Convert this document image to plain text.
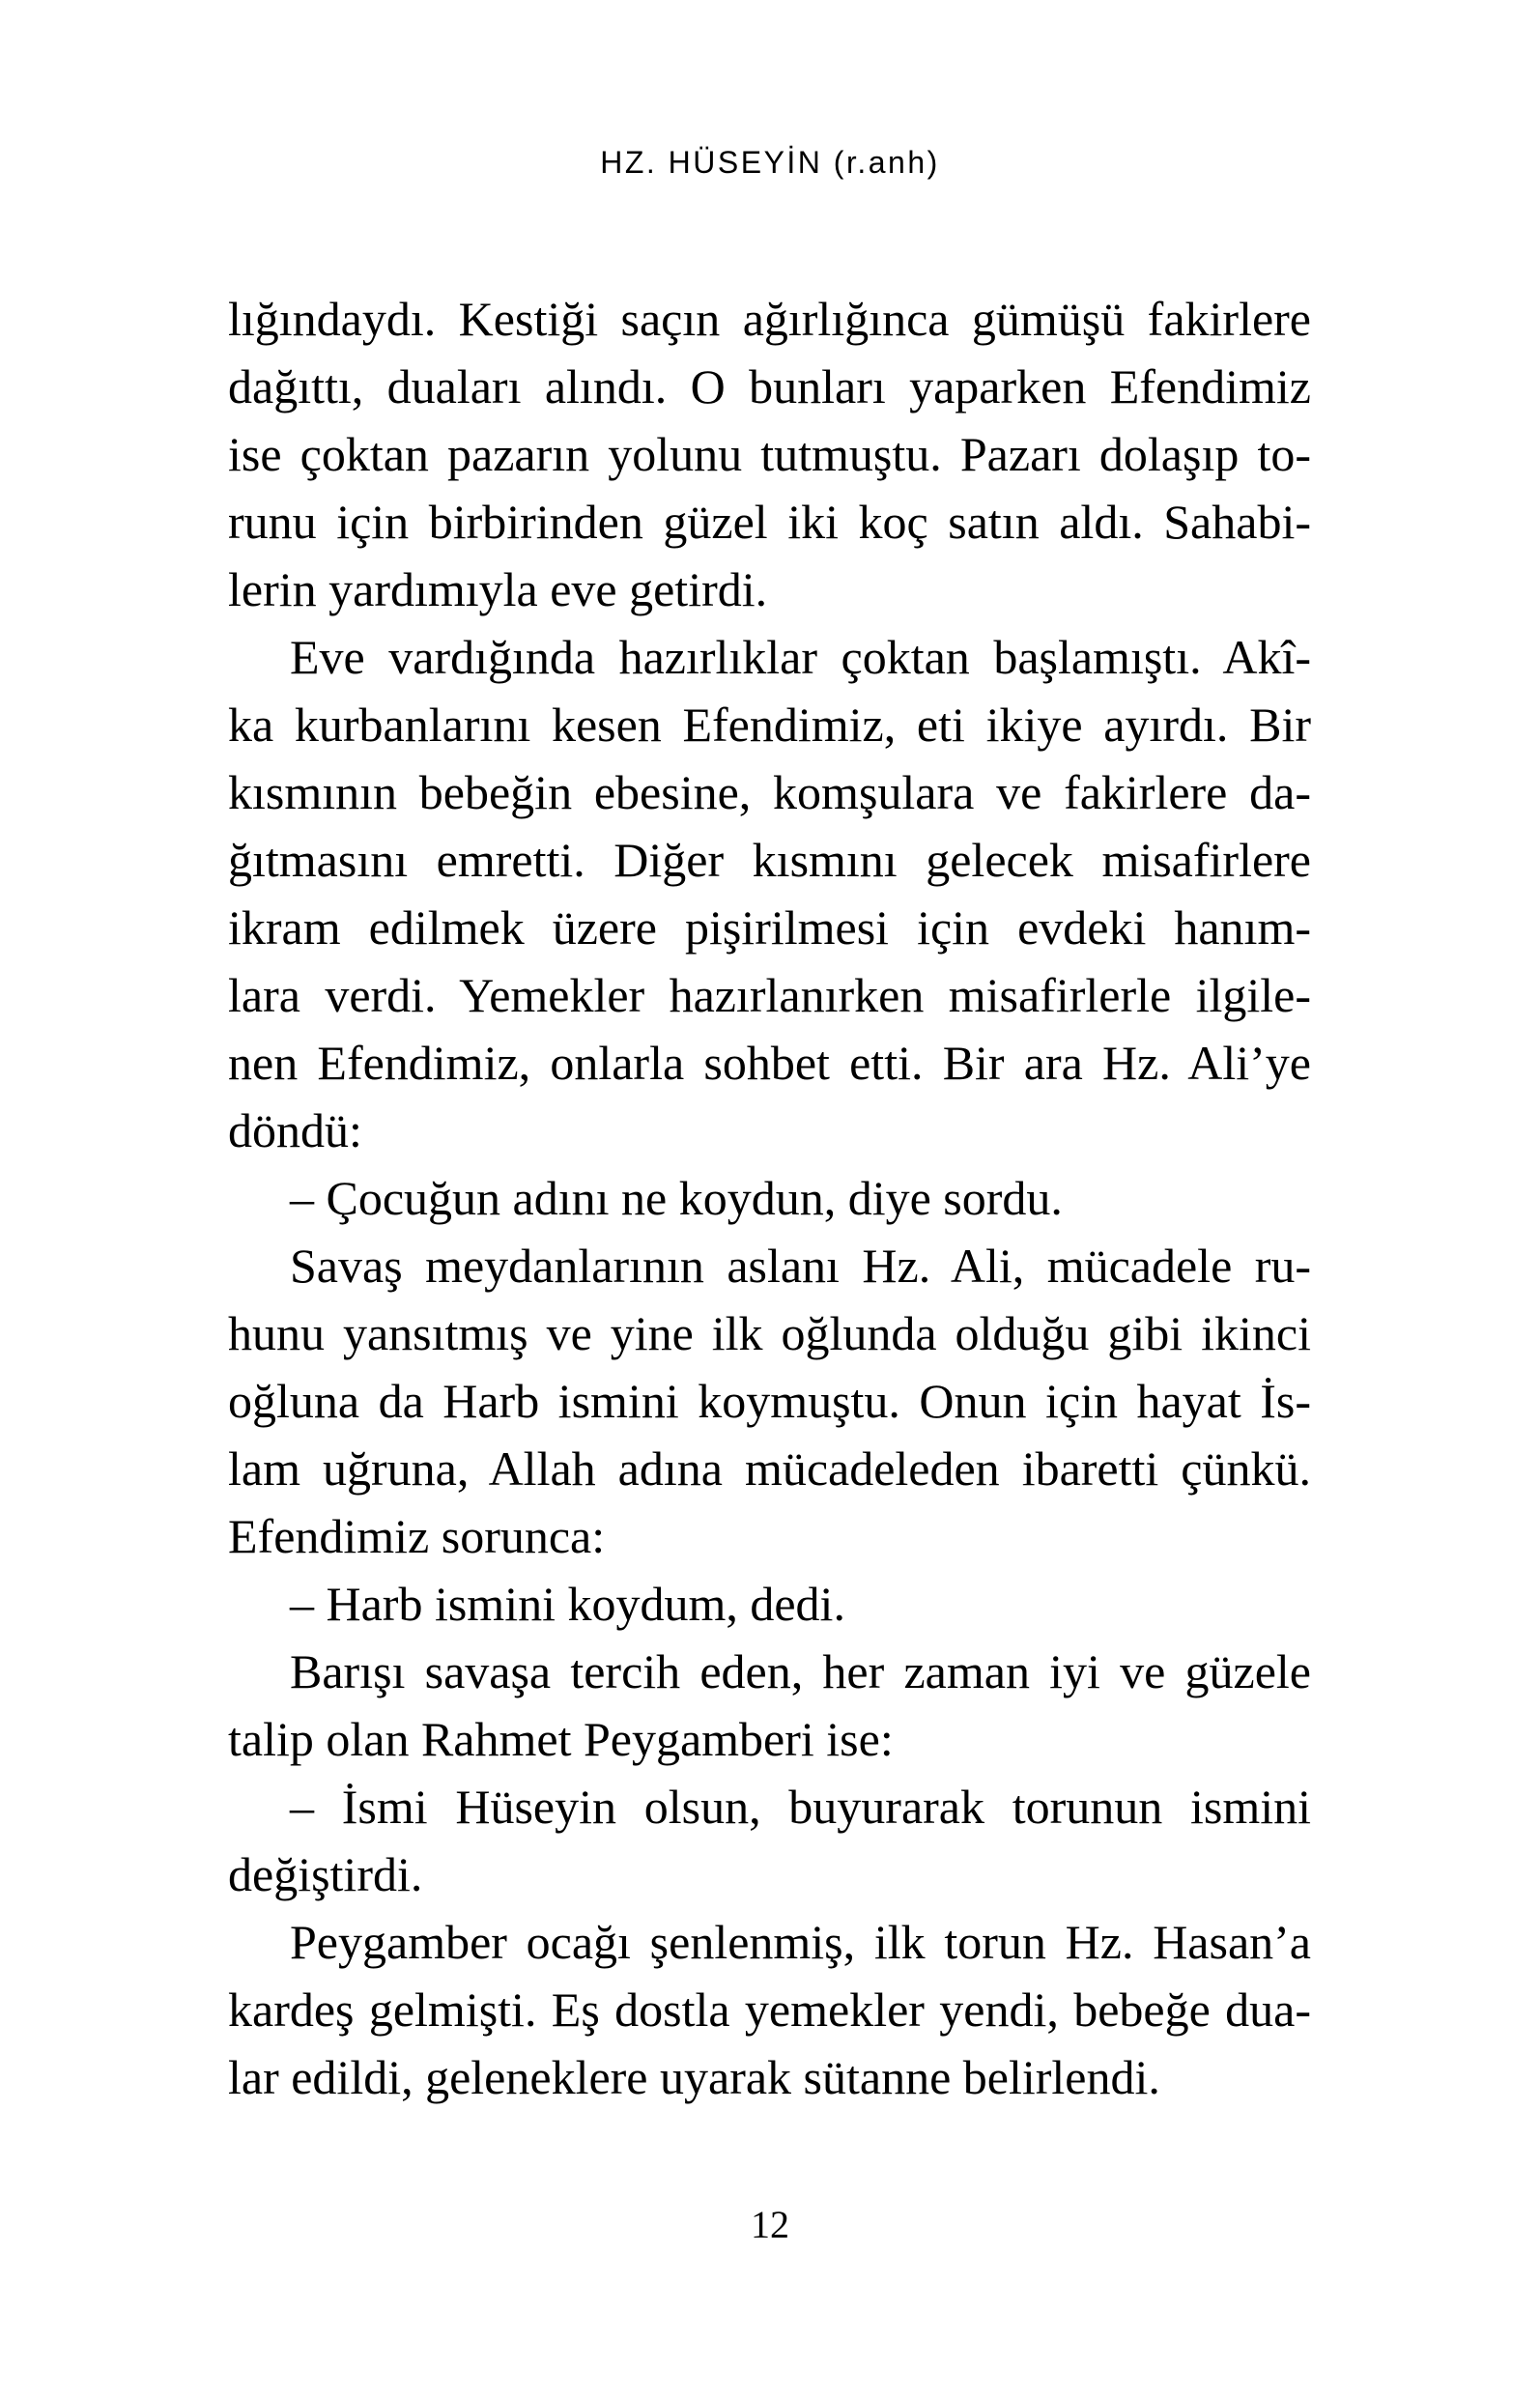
HZ. HÜSEYİN (r.anh)
lığındaydı. Kestiği saçın ağırlığınca gümüşü fakirlere
dağıttı, duaları alındı. O bunları yaparken Efendimiz
ise çoktan pazarın yolunu tutmuştu. Pazarı dolaşıp to-
runu için birbirinden güzel iki koç satın aldı. Sahabi-
lerin yardımıyla eve getirdi.
Eve vardığında hazırlıklar çoktan başlamıştı. Akî-
ka kurbanlarını kesen Efendimiz, eti ikiye ayırdı. Bir
kısmının bebeğin ebesine, komşulara ve fakirlere da-
ğıtmasını emretti. Diğer kısmını gelecek misafirlere
ikram edilmek üzere pişirilmesi için evdeki hanım-
lara verdi. Yemekler hazırlanırken misafirlerle ilgile-
nen Efendimiz, onlarla sohbet etti. Bir ara Hz. Ali’ye
döndü:
– Çocuğun adını ne koydun, diye sordu.
Savaş meydanlarının aslanı Hz. Ali, mücadele ru-
hunu yansıtmış ve yine ilk oğlunda olduğu gibi ikinci
oğluna da Harb ismini koymuştu. Onun için hayat İs-
lam uğruna, Allah adına mücadeleden ibaretti çünkü.
Efendimiz sorunca:
– Harb ismini koydum, dedi.
Barışı savaşa tercih eden, her zaman iyi ve güzele
talip olan Rahmet Peygamberi ise:
– İsmi Hüseyin olsun, buyurarak torunun ismini
değiştirdi.
Peygamber ocağı şenlenmiş, ilk torun Hz. Hasan’a
kardeş gelmişti. Eş dostla yemekler yendi, bebeğe dua-
lar edildi, geleneklere uyarak sütanne belirlendi.
12
